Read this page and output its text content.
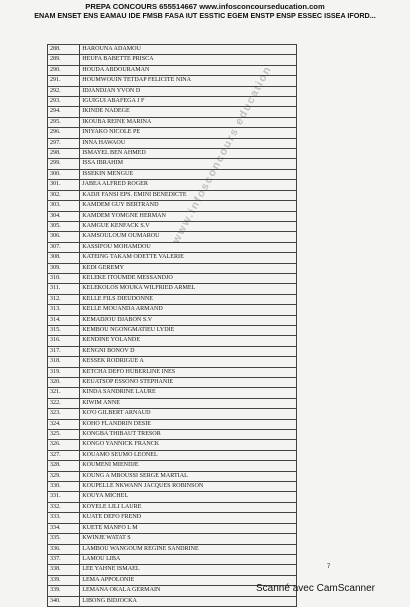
PREPA CONCOURS 655514667 www.infosconcourseducation.com
ENAM ENSET ENS EAMAU IDE FMSB FASA IUT ESSTIC EGEM ENSTP ENSP ESSEC ISSEA IFORD...
288.	HAROUNA ADAMOU
289.	HEUFA BABETTE PRISCA
290.	HOUDA ABDOURAMAN
291.	HOUMWOUIN TETDAP FELICITE NINA
292.	IDJANDJAN YVON D
293.	IGUIGUI ABAFEGA J F
294.	IKINDE NADEGE
295.	IKOUBA REINE MARINA
296.	INIYAKO NICOLE PE
297.	INNA HAWAOU
298.	ISMAYEL BEN AHMED
299.	ISSA IBRAHIM
300.	ISSEKIN MENGUE
301.	JABEA ALFRED ROGER
302.	KADJI FANSI EPS. EMINI BENEDICTE
303.	KAMDEM GUY BERTRAND
304.	KAMDEM YOMGNE HERMAN
305.	KAMGUE KENFACK S.V
306.	KAMSOULOUM OUMAROU
307.	KASSIFOU MOHAMDOU
308.	KATEING TAKAM ODETTE VALERIE
309.	KEDI GEREMY
310.	KELEKE ITOUMDE MESSANDJO
311.	KELEKOLOS MOUKA WILFRIED ARMEL
312.	KELLE FILS DIEUDONNE
313.	KELLE MOUANDA ARMAND
314.	KEMADJOU DJABON S.V
315.	KEMBOU NGONGMATIEU LYDIE
316.	KENDINE YOLANDE
317.	KENGNI BONOV D
318.	KESSEK RODRIGUE A
319.	KETCHA DEFO HUBERLINE INES
320.	KEUATSOP ESSONO STEPHANIE
321.	KINDA SANDRINE LAURE
322.	KIWIM ANNE
323.	KO'O GILBERT ARNAUD
324.	KOHO FLANDRIN DESIE
325.	KONGBA THIBAUT TRESOR
326.	KONGO YANNICK FRANCK
327.	KOUAMO SEUMO LEONEL
328.	KOUMENI MIENDJE
329.	KOUNG A MBOUSSI SERGE MARTIAL
330.	KOUPELLE NKWANN JACQUES ROBINSON
331.	KOUYA MICHEL
332.	KOYELE LILI LAURE
333.	KUATE DEFO FREND
334.	KUETE MANFO L M
335.	KWINJE WATAT S
336.	LAMBOU WANGOUM REGINE SANDRINE
337.	LAMOU LIBA
338.	LEE YAHNE ISMAEL
339.	LEMA APPOLONIE
339.	LEMANA OKALA GERMAIN
340.	LIBONG BIDJOCKA
www.infosconcours education
7
Scanné avec CamScanner
